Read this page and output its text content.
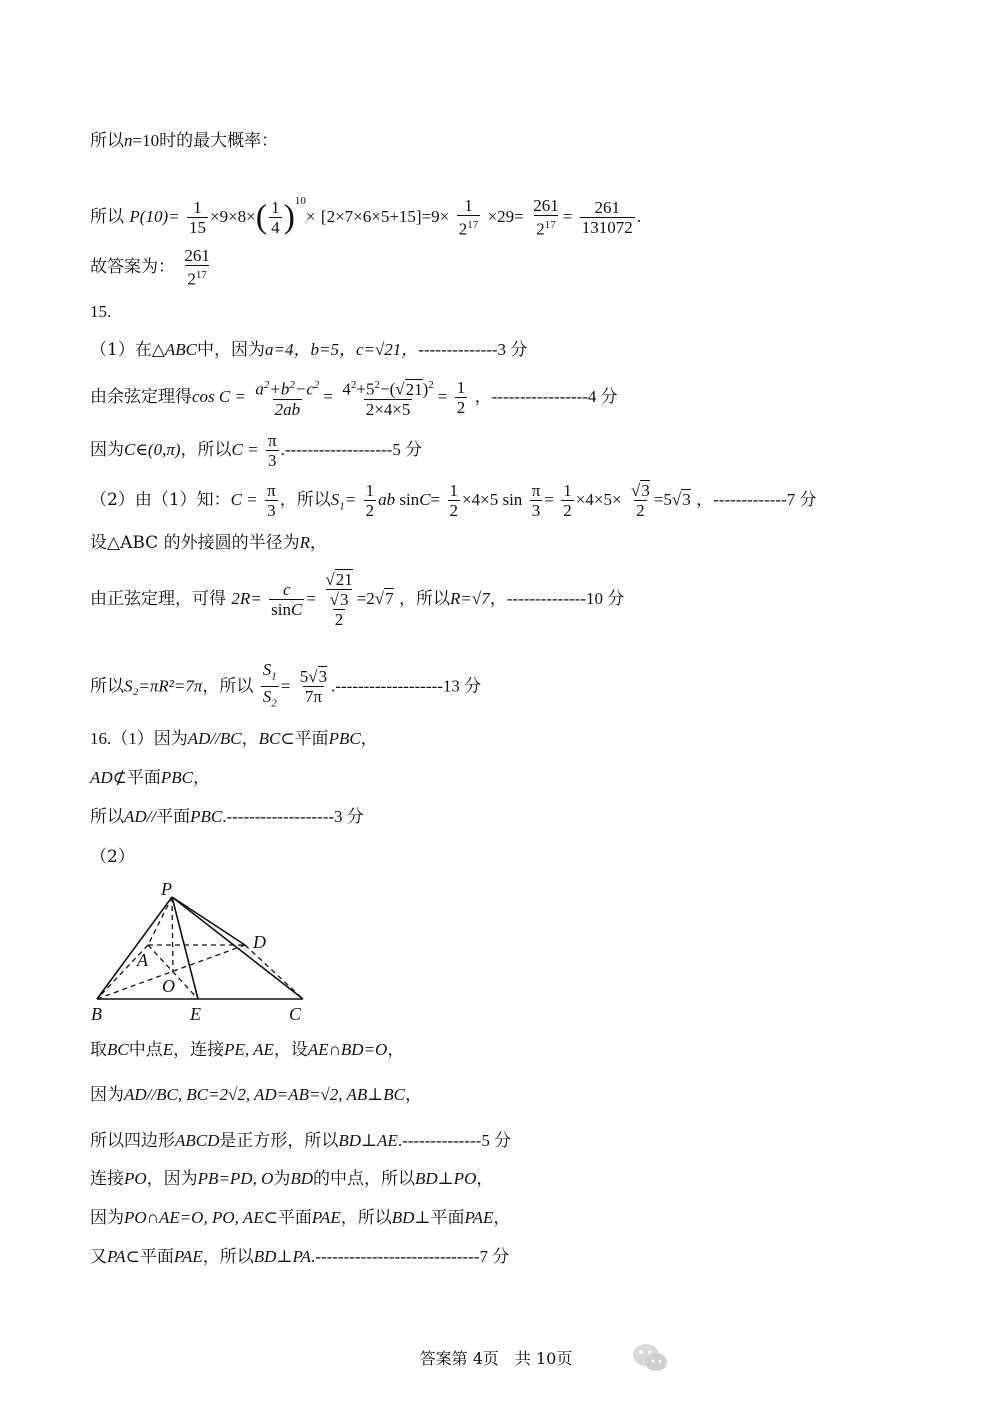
所以n=10时的最大概率：
所以 $P(10)= \frac{1}{15} \times 9\times 8\times( \frac{1}{4} )^{10}\times [2\times 7\times 6\times 5+15]=9\times \frac{1}{2^{17}} \times 29= \frac{261}{2^{17}} = \frac{261}{131072}$ .
故答案为： $\frac{261}{2^{17}}$
15.
（1）在△ABC中，因为a=4，b=5，c=√21，--------------3 分
由余弦定理得$\cos C = \frac{a^2+b^2-c^2}{2ab} = \frac{4^2+5^2-(√21)^2}{2\times 4\times 5} = \frac{1}{2}$ ，-----------------4 分
因为C∈(0,π)，所以$C = \frac{\pi}{3} .-------------------5$ 分
（2）由（1）知：$C = \frac{\pi}{3}$ ，所以$S_1= \frac{1}{2}$ ab $\sin C= \frac{1}{2} \times 4\times 5$ $\sin \frac{\pi}{3} = \frac{1}{2} \times 4\times 5\times \frac{√3}{2} =5√3$ ，-------------7 分
设△ABC 的外接圆的半径为R，
由正弦定理，可得 $2R= \frac{c}{\sin C} = \frac{√21}{\frac{√3}{2}} =2√7$ ，所以R=√7，--------------10 分
所以S₂=πR²=7π，所以 $\frac{S_1}{S_2} = \frac{5√3}{7\pi} .-------------------13$ 分
16.（1）因为AD//BC，BC⊂平面PBC，
AD⊄平面PBC，
所以AD//平面PBC.-------------------3 分
（2）
P
A
D
O
B	E	C
取BC中点E，连接PE, AE，设AE∩BD=O，
因为AD//BC, BC=2√2, AD=AB=√2, AB⊥BC，
所以四边形ABCD是正方形，所以BD⊥AE.--------------5 分
连接PO，因为PB=PD, O为BD的中点，所以BD⊥PO，
因为PO∩AE=O, PO, AE⊂平面PAE，所以BD⊥平面PAE，
又PA⊂平面PAE，所以BD⊥PA.-----------------------------7 分
答案第 4页　共 10页
